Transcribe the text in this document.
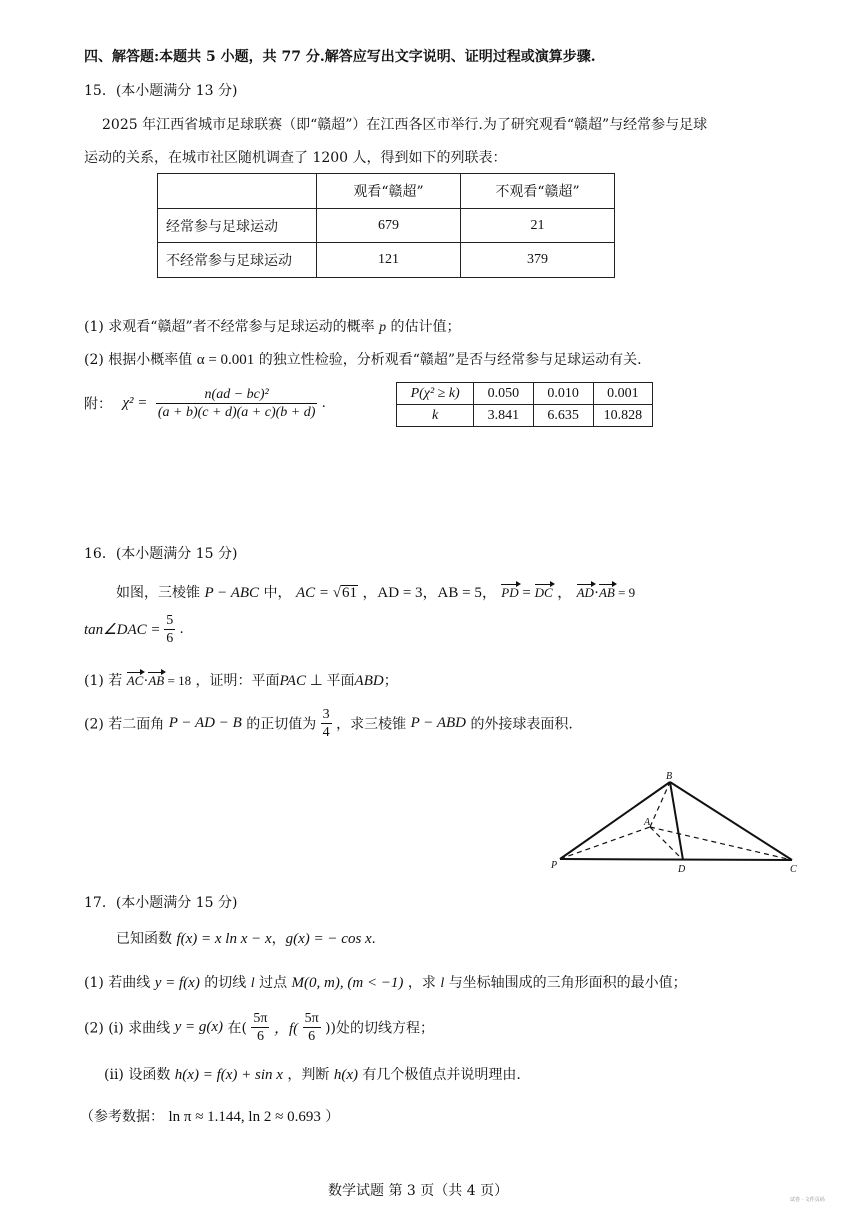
四、解答题:本题共 5 小题，共 77 分.解答应写出文字说明、证明过程或演算步骤.
15．(本小题满分 13 分)
2025 年江西省城市足球联赛（即“赣超”）在江西各区市举行.为了研究观看“赣超”与经常参与足球
运动的关系，在城市社区随机调查了 1200 人，得到如下的列联表：
	观看“赣超”	不观看“赣超”
经常参与足球运动	679	21
不经常参与足球运动	121	379
(1) 求观看“赣超”者不经常参与足球运动的概率 p 的估计值；
(2) 根据小概率值 α = 0.001 的独立性检验，分析观看“赣超”是否与经常参与足球运动有关.
附： $\chi^2 = \frac{\text{n(ad − bc)²}}{(a + b)(c + d)(a + c)(b + d)}$ .
P(χ² ≥ k)	0.050	0.010	0.001
k	3.841	6.635	10.828
16．(本小题满分 15 分)
如图，三棱锥 P − ABC 中， AC = √61 ，AD = 3，AB = 5， PD = DC ， AD·AB = 9
tan∠DAC = $\frac{5}{6}$ .
(1) 若 AC·AB = 18 ，证明：平面PAC ⊥ 平面ABD；
(2) 若二面角 P − AD − B 的正切值为 $\frac{3}{4}$ ，求三棱锥 P − ABD 的外接球表面积.
B
A
P	D	C
17．(本小题满分 15 分)
已知函数 f(x) = x ln x − x，g(x) = − cos x.
(1) 若曲线 y = f(x) 的切线 l 过点 M(0, m), (m < −1) ，求 l 与坐标轴围成的三角形面积的最小值；
(2) (i) 求曲线 y = g(x) 在( $\frac{5\pi}{6}$ ，$f( \frac{5\pi}{6}$ ))处的切线方程；
(ii) 设函数 h(x) = f(x) + sin x ，判断 h(x) 有几个极值点并说明理由.
（参考数据： ln π ≈ 1.144, ln 2 ≈ 0.693 ）
数学试题 第 3 页（共 4 页）
试卷 · 文件页码
